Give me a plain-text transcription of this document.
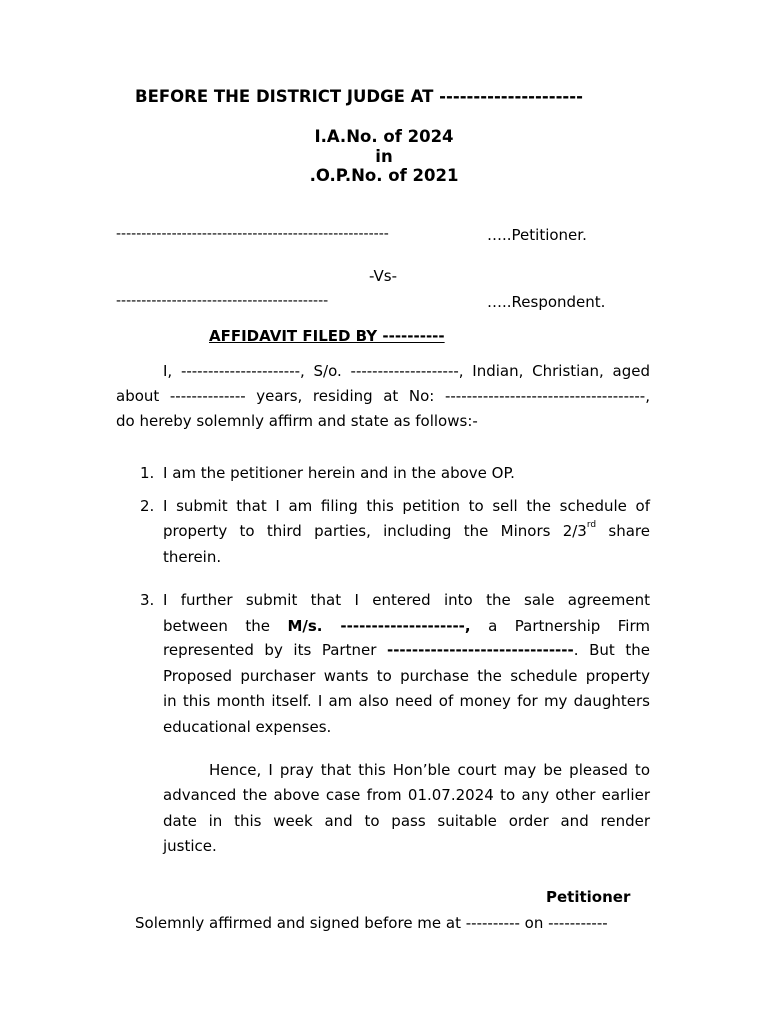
BEFORE THE DISTRICT JUDGE AT ---------------------
I.A.No. of 2024
in
.O.P.No. of 2021
------------------------------------------------------	…..Petitioner.
-Vs-
------------------------------------------	…..Respondent.
AFFIDAVIT FILED BY ----------
I, ----------------------, S/o. --------------------, Indian, Christian, aged
about -------------- years, residing at No: -------------------------------------,
do hereby solemnly affirm and state as follows:-
1. I am the petitioner herein and in the above OP.
2. I submit that I am filing this petition to sell the schedule of
property to third parties, including the Minors 2/3rd share
therein.
3. I further submit that I entered into the sale agreement
between the M/s. --------------------, a Partnership Firm
represented by its Partner ------------------------------. But the
Proposed purchaser wants to purchase the schedule property
in this month itself. I am also need of money for my daughters
educational expenses.
Hence, I pray that this Hon’ble court may be pleased to
advanced the above case from 01.07.2024 to any other earlier
date in this week and to pass suitable order and render
justice.
Petitioner
Solemnly affirmed and signed before me at ---------- on -----------
